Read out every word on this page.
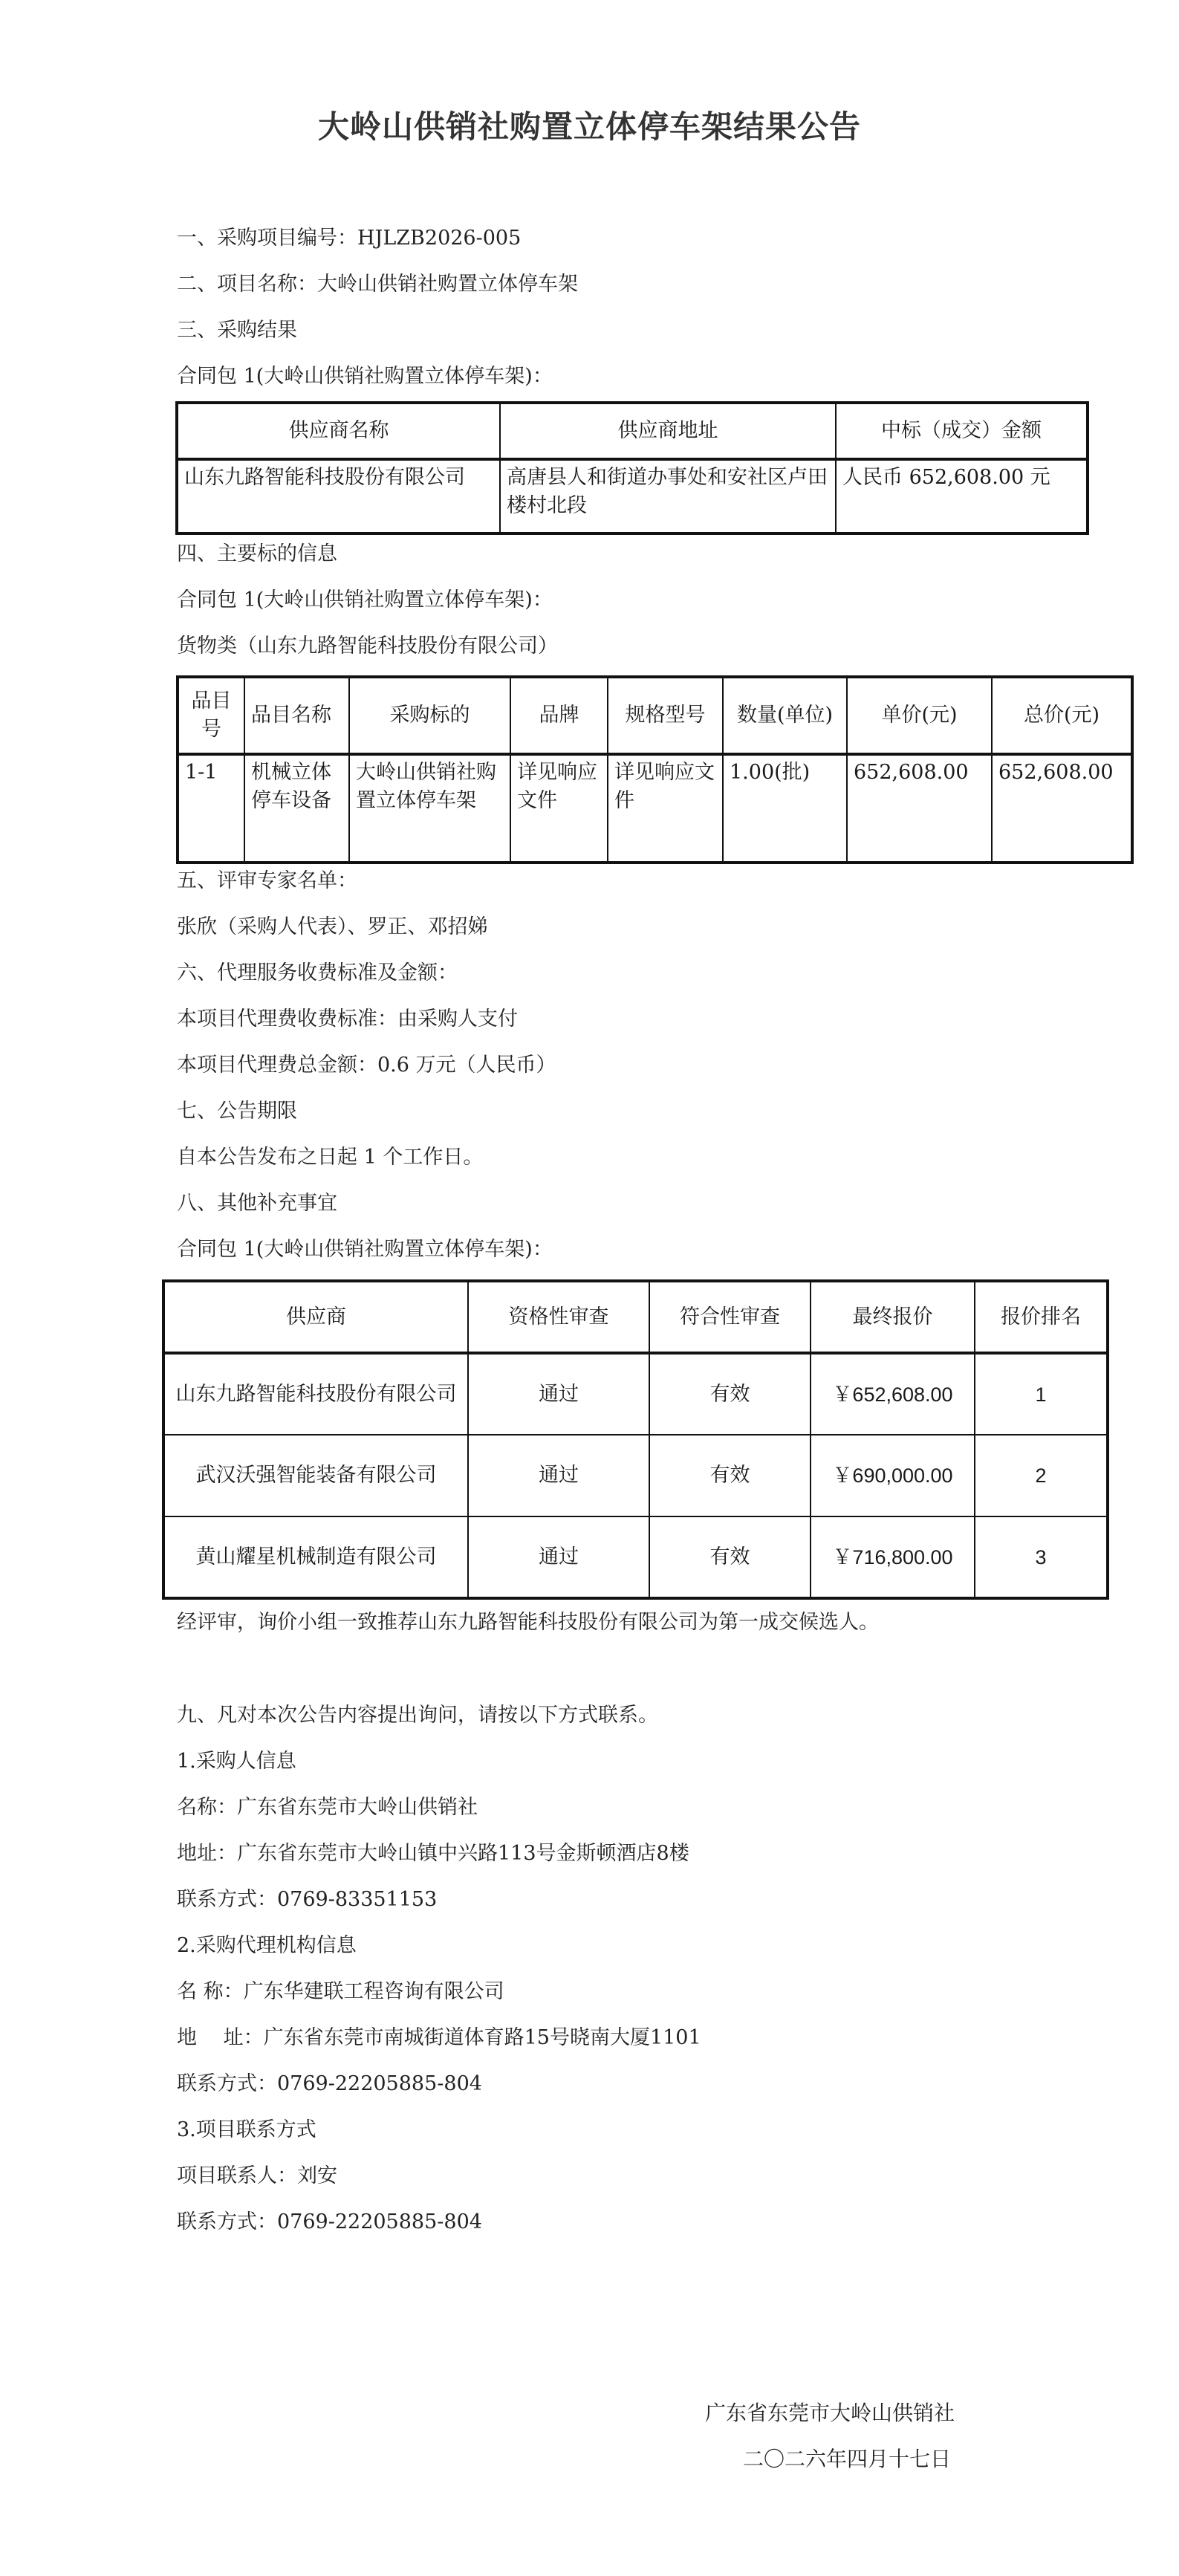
大岭山供销社购置立体停车架结果公告
一、采购项目编号：HJLZB2026-005
二、项目名称：大岭山供销社购置立体停车架
三、采购结果
合同包 1(大岭山供销社购置立体停车架)：
供应商名称	供应商地址	中标（成交）金额
山东九路智能科技股份有限公司	高唐县人和街道办事处和安社区卢田楼村北段	人民币 652,608.00 元
四、主要标的信息
合同包 1(大岭山供销社购置立体停车架)：
货物类（山东九路智能科技股份有限公司）
品目号	品目名称	采购标的	品牌	规格型号	数量(单位)	单价(元)	总价(元)
1-1	机械立体停车设备	大岭山供销社购置立体停车架	详见响应文件	详见响应文件	1.00(批)	652,608.00	652,608.00
五、评审专家名单：
张欣（采购人代表）、罗正、邓招娣
六、代理服务收费标准及金额：
本项目代理费收费标准：由采购人支付
本项目代理费总金额：0.6 万元（人民币）
七、公告期限
自本公告发布之日起 1 个工作日。
八、其他补充事宜
合同包 1(大岭山供销社购置立体停车架)：
供应商	资格性审查	符合性审查	最终报价	报价排名
山东九路智能科技股份有限公司	通过	有效	￥652,608.00	1
武汉沃强智能装备有限公司	通过	有效	￥690,000.00	2
黄山耀星机械制造有限公司	通过	有效	￥716,800.00	3
经评审，询价小组一致推荐山东九路智能科技股份有限公司为第一成交候选人。
九、凡对本次公告内容提出询问，请按以下方式联系。
1.采购人信息
名称：广东省东莞市大岭山供销社
地址：广东省东莞市大岭山镇中兴路113号金斯顿酒店8楼
联系方式：0769-83351153
2.采购代理机构信息
名 称：广东华建联工程咨询有限公司
地　 址：广东省东莞市南城街道体育路15号晓南大厦1101
联系方式：0769-22205885-804
3.项目联系方式
项目联系人：刘安
联系方式：0769-22205885-804
广东省东莞市大岭山供销社
二〇二六年四月十七日
